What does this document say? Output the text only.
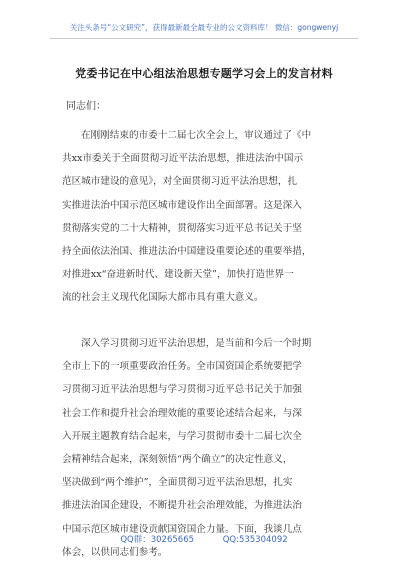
关注头条号“公文研究”，获得最新最全最专业的公文资料库！ 微信：gongwenyj
党委书记在中心组法治思想专题学习会上的发言材料
同志们：
在刚刚结束的市委十二届七次全会上，审议通过了《中
共xx市委关于全面贯彻习近平法治思想，推进法治中国示
范区城市建设的意见》，对全面贯彻习近平法治思想，扎
实推进法治中国示范区城市建设作出全面部署。这是深入
贯彻落实党的二十大精神，贯彻落实习近平总书记关于坚
持全面依法治国、推进法治中国建设重要论述的重要举措，
对推进xx“奋进新时代、建设新天堂”，加快打造世界一
流的社会主义现代化国际大都市具有重大意义。
深入学习贯彻习近平法治思想，是当前和今后一个时期
全市上下的一项重要政治任务。全市国资国企系统要把学
习贯彻习近平法治思想与学习贯彻习近平总书记关于加强
社会工作和提升社会治理效能的重要论述结合起来，与深
入开展主题教育结合起来，与学习贯彻市委十二届七次全
会精神结合起来，深刻领悟“两个确立”的决定性意义，
坚决做到“两个维护”，全面贯彻习近平法治思想，扎实
推进法治国企建设，不断提升社会治理效能，为推进法治
中国示范区城市建设贡献国资国企力量。下面，我谈几点
体会，以供同志们参考。
QQ群：30265665	QQ:535304092
